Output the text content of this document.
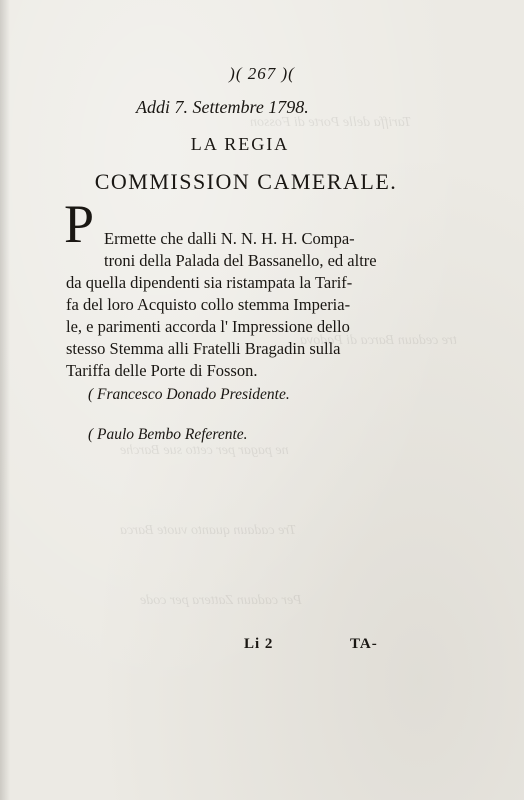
Tariffa delle Porte di Fosson
tre cedaun Barca di Padova
ne pagar per cetto sue Barche
Tre cadaun quanto vuote Barca
Per cadaun Zattera per code
)( 267 )(
Addi 7. Settembre 1798.
LA REGIA
COMMISSION CAMERALE.
P Ermette che dalli N. N. H. H. Compa-
troni della Palada del Bassanello, ed altre
da quella dipendenti sia ristampata la Tarif-
fa del loro Acquisto collo stemma Imperia-
le, e parimenti accorda l' Impressione dello
stesso Stemma alli Fratelli Bragadin sulla
Tariffa delle Porte di Fosson.
( Francesco Donado Presidente.
( Paulo Bembo Referente.
Li 2	TA-
